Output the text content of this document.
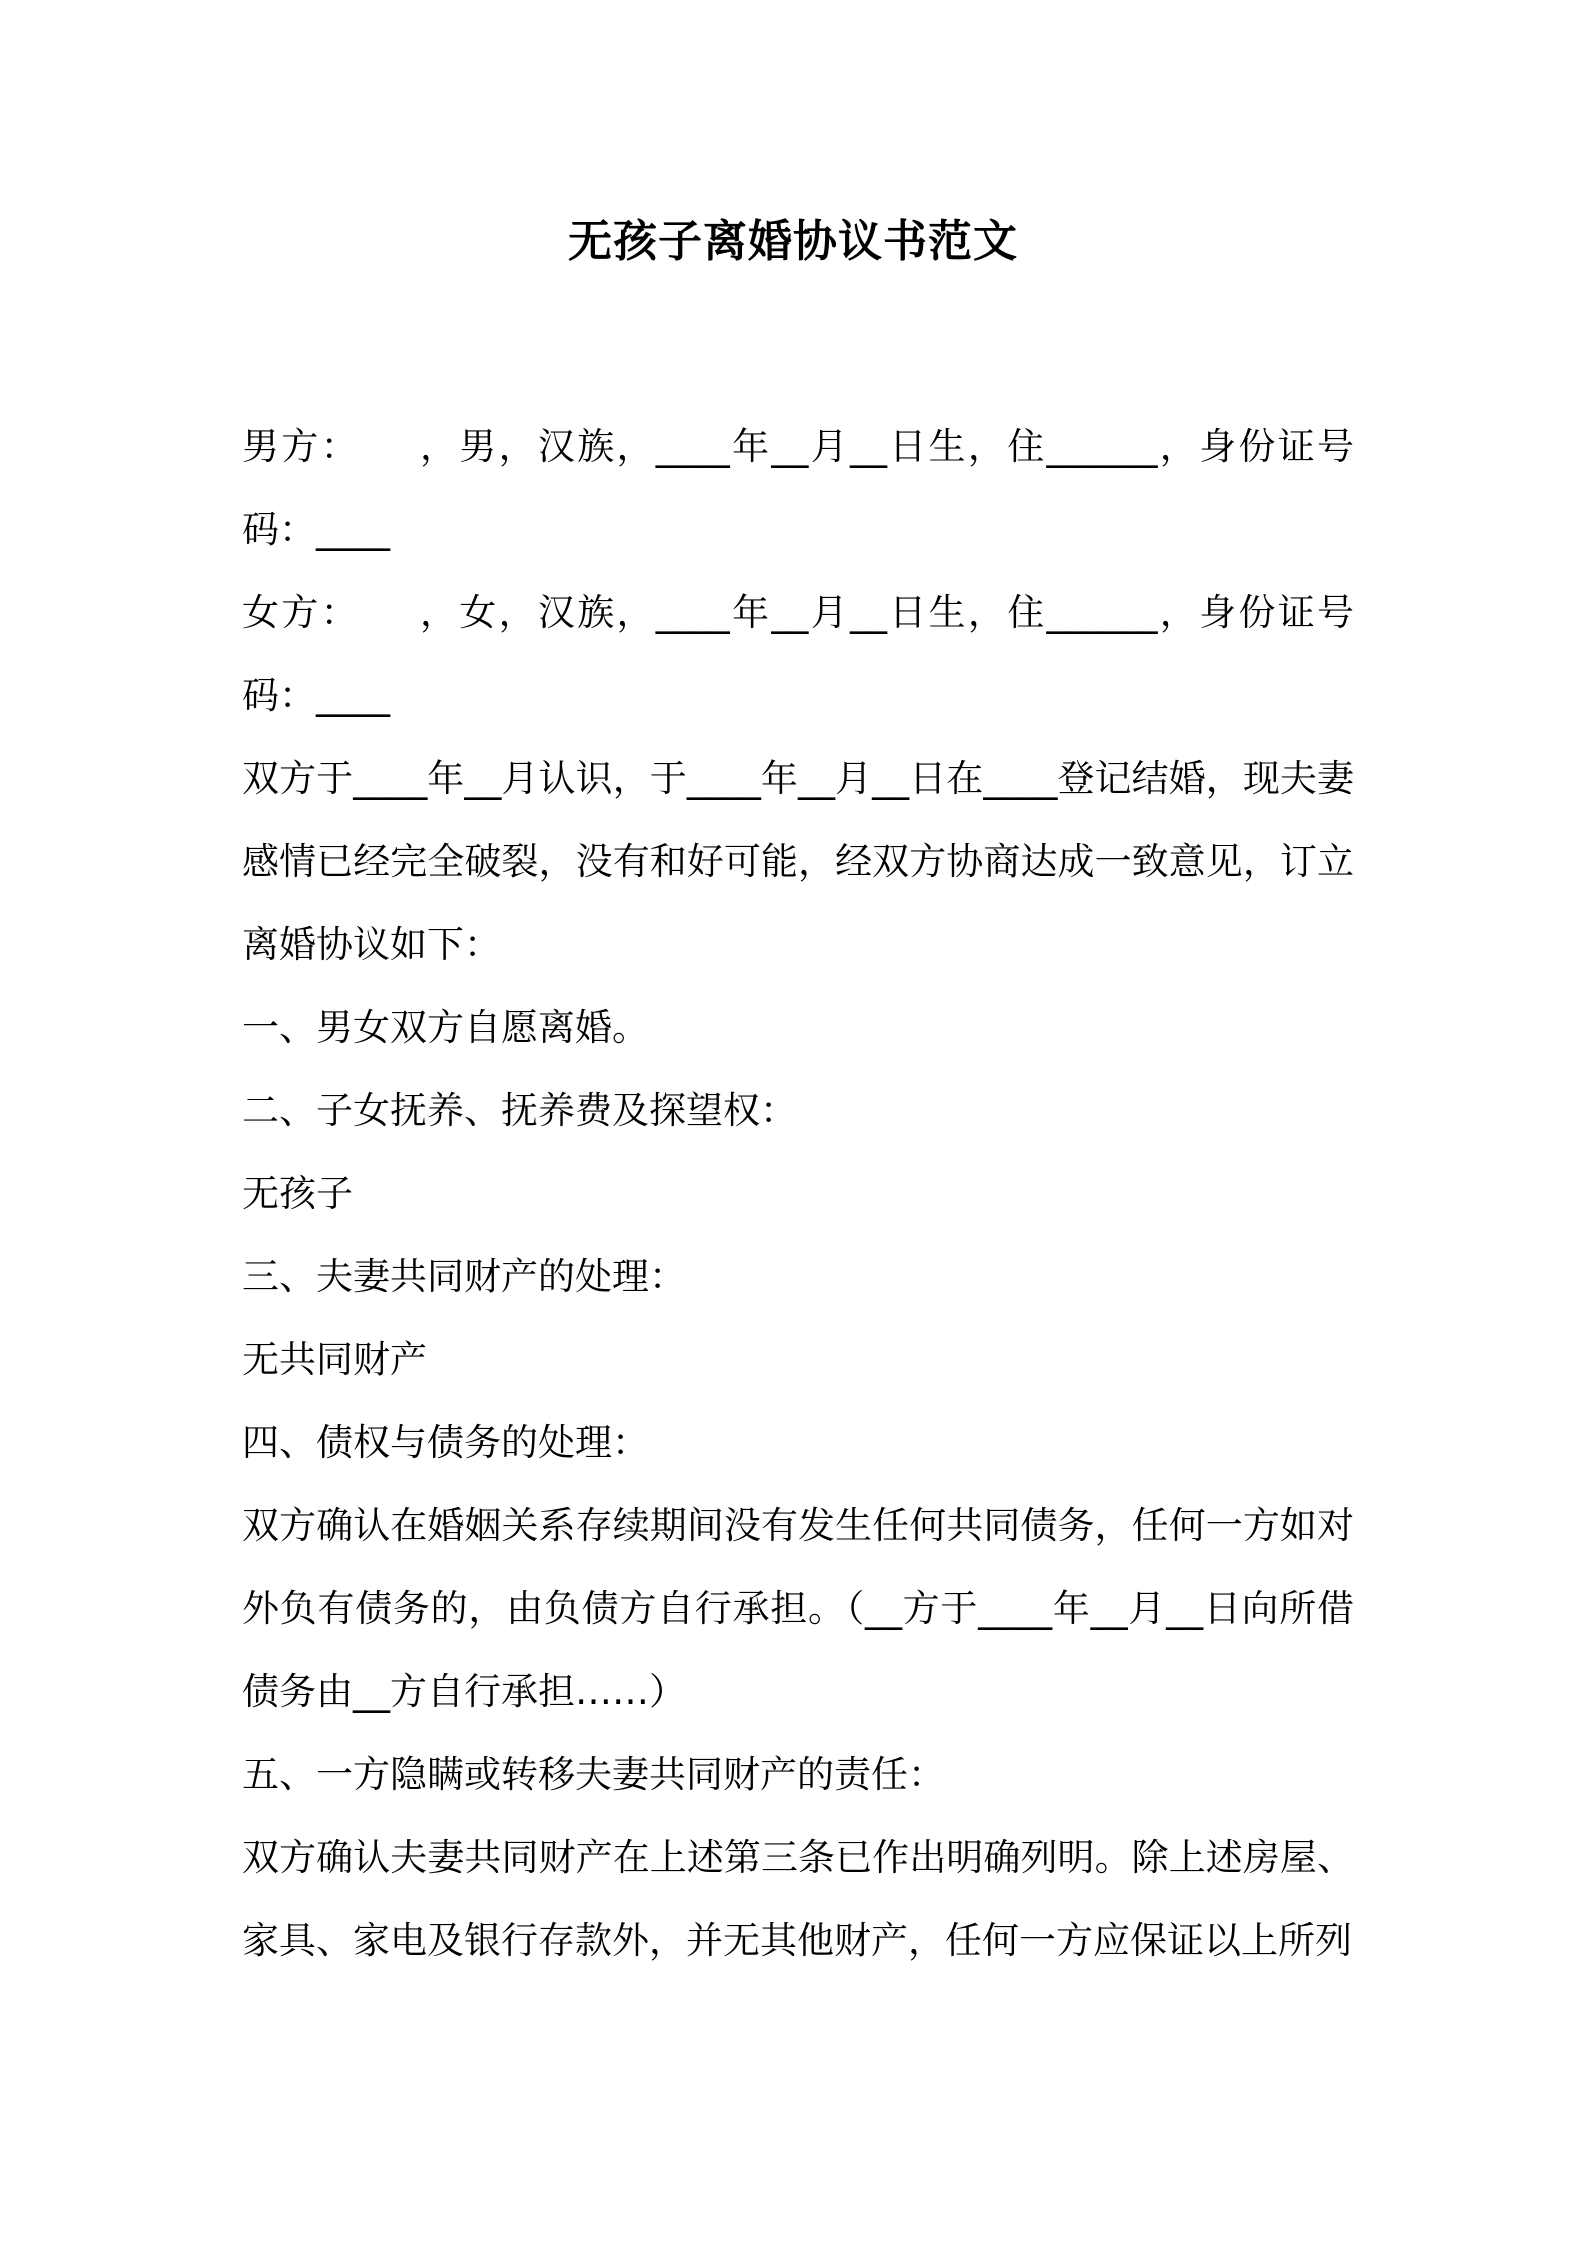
无孩子离婚协议书范文

男方：　　，男，汉族，____年__月__日生，住______，身份证号码：____

女方：　　，女，汉族，____年__月__日生，住______，身份证号码：____

双方于____年__月认识，于____年__月__日在____登记结婚，现夫妻感情已经完全破裂，没有和好可能，经双方协商达成一致意见，订立离婚协议如下：

一、男女双方自愿离婚。

二、子女抚养、抚养费及探望权：

无孩子

三、夫妻共同财产的处理：

无共同财产

四、债权与债务的处理：

双方确认在婚姻关系存续期间没有发生任何共同债务，任何一方如对外负有债务的，由负债方自行承担。（__方于____年__月__日向所借债务由__方自行承担……）

五、一方隐瞒或转移夫妻共同财产的责任：

双方确认夫妻共同财产在上述第三条已作出明确列明。除上述房屋、家具、家电及银行存款外，并无其他财产，任何一方应保证以上所列
